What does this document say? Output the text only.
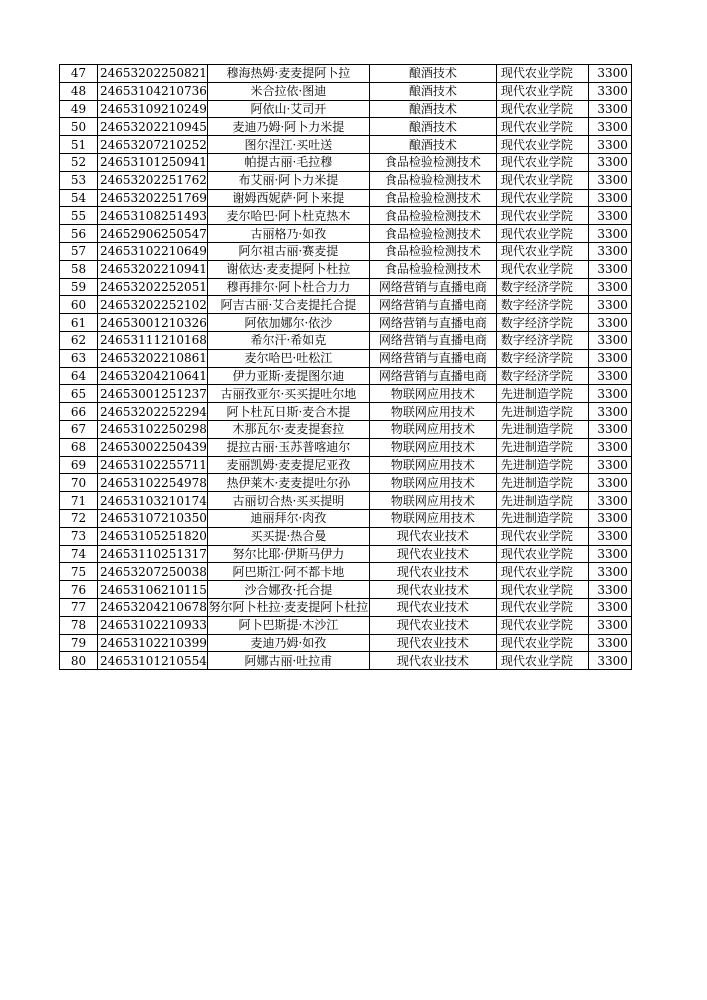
47	24653202250821	穆海热姆·麦麦提阿卜拉	酿酒技术	现代农业学院	3300
48	24653104210736	米合拉依·图迪	酿酒技术	现代农业学院	3300
49	24653109210249	阿依山·艾司开	酿酒技术	现代农业学院	3300
50	24653202210945	麦迪乃姆·阿卜力米提	酿酒技术	现代农业学院	3300
51	24653207210252	图尔涅江·买吐送	酿酒技术	现代农业学院	3300
52	24653101250941	帕提古丽·毛拉穆	食品检验检测技术	现代农业学院	3300
53	24653202251762	布艾丽·阿卜力米提	食品检验检测技术	现代农业学院	3300
54	24653202251769	谢姆西妮萨·阿卜来提	食品检验检测技术	现代农业学院	3300
55	24653108251493	麦尔哈巴·阿卜杜克热木	食品检验检测技术	现代农业学院	3300
56	24652906250547	古丽格乃·如孜	食品检验检测技术	现代农业学院	3300
57	24653102210649	阿尔祖古丽·赛麦提	食品检验检测技术	现代农业学院	3300
58	24653202210941	谢依达·麦麦提阿卜杜拉	食品检验检测技术	现代农业学院	3300
59	24653202252051	穆再排尔·阿卜杜合力力	网络营销与直播电商	数字经济学院	3300
60	24653202252102	阿吉古丽·艾合麦提托合提	网络营销与直播电商	数字经济学院	3300
61	24653001210326	阿依加娜尔·依沙	网络营销与直播电商	数字经济学院	3300
62	24653111210168	希尔汗·希如克	网络营销与直播电商	数字经济学院	3300
63	24653202210861	麦尔哈巴·吐松江	网络营销与直播电商	数字经济学院	3300
64	24653204210641	伊力亚斯·麦提图尔迪	网络营销与直播电商	数字经济学院	3300
65	24653001251237	古丽孜亚尔·买买提吐尔地	物联网应用技术	先进制造学院	3300
66	24653202252294	阿卜杜瓦日斯·麦合木提	物联网应用技术	先进制造学院	3300
67	24653102250298	木那瓦尔·麦麦提套拉	物联网应用技术	先进制造学院	3300
68	24653002250439	提拉古丽·玉苏普喀迪尔	物联网应用技术	先进制造学院	3300
69	24653102255711	麦丽凯姆·麦麦提尼亚孜	物联网应用技术	先进制造学院	3300
70	24653102254978	热伊莱木·麦麦提吐尔孙	物联网应用技术	先进制造学院	3300
71	24653103210174	古丽切合热·买买提明	物联网应用技术	先进制造学院	3300
72	24653107210350	迪丽拜尔·肉孜	物联网应用技术	先进制造学院	3300
73	24653105251820	买买提·热合曼	现代农业技术	现代农业学院	3300
74	24653110251317	努尔比耶·伊斯马伊力	现代农业技术	现代农业学院	3300
75	24653207250038	阿巴斯江·阿不都卡地	现代农业技术	现代农业学院	3300
76	24653106210115	沙合娜孜·托合提	现代农业技术	现代农业学院	3300
77	24653204210678	努尔阿卜杜拉·麦麦提阿卜杜拉	现代农业技术	现代农业学院	3300
78	24653102210933	阿卜巴斯提·木沙江	现代农业技术	现代农业学院	3300
79	24653102210399	麦迪乃姆·如孜	现代农业技术	现代农业学院	3300
80	24653101210554	阿娜古丽·吐拉甫	现代农业技术	现代农业学院	3300
